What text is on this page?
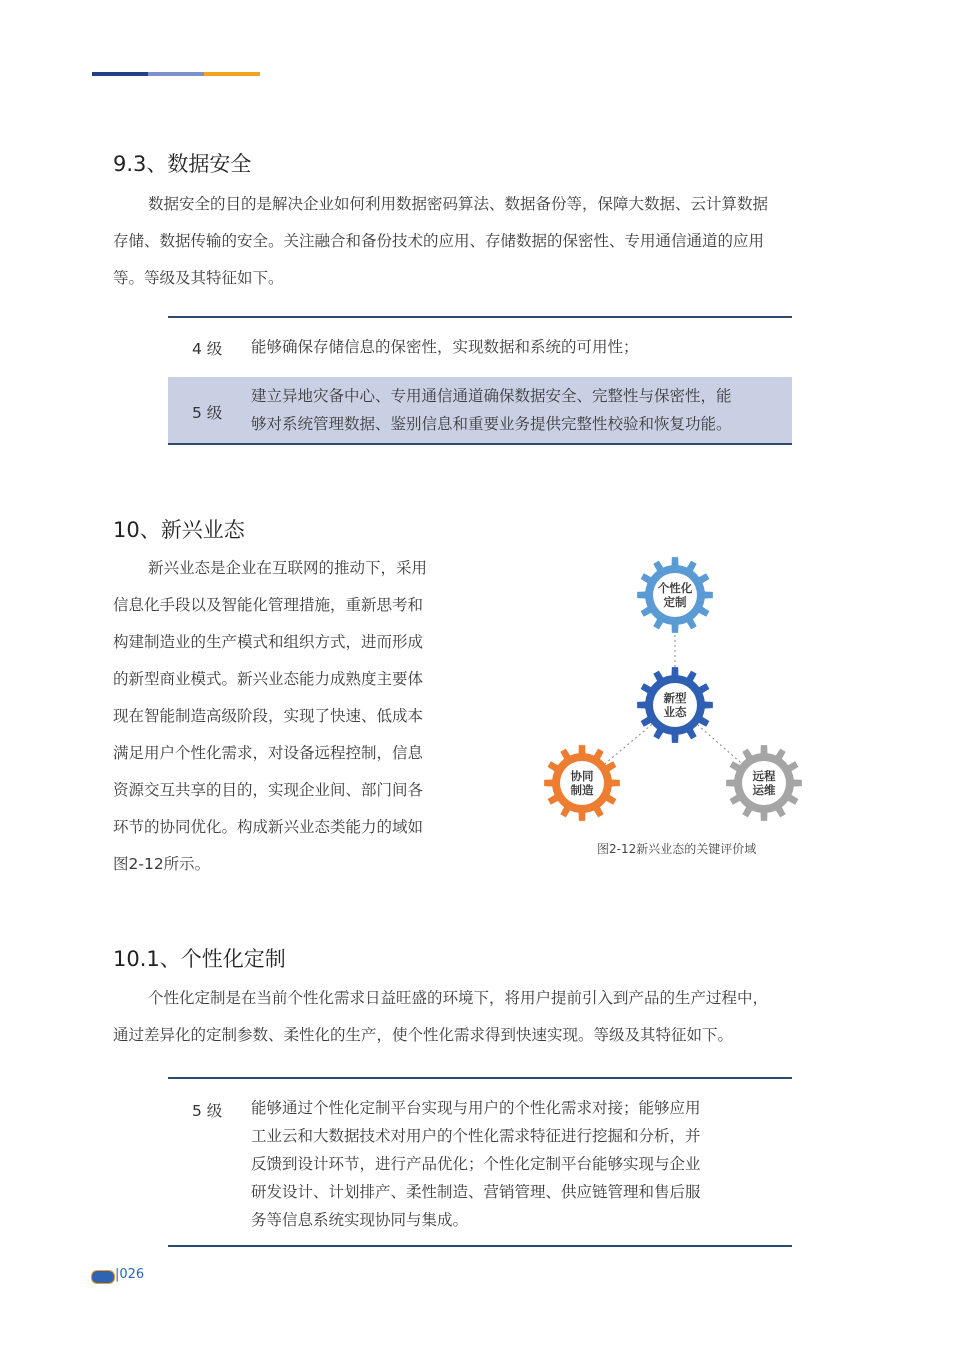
9.3、数据安全
数据安全的目的是解决企业如何利用数据密码算法、数据备份等，保障大数据、云计算数据
存储、数据传输的安全。关注融合和备份技术的应用、存储数据的保密性、专用通信通道的应用
等。等级及其特征如下。
4 级 能够确保存储信息的保密性，实现数据和系统的可用性；
5 级
建立异地灾备中心、专用通信通道确保数据安全、完整性与保密性，能
够对系统管理数据、鉴别信息和重要业务提供完整性校验和恢复功能。
10、新兴业态
新兴业态是企业在互联网的推动下，采用
信息化手段以及智能化管理措施，重新思考和
构建制造业的生产模式和组织方式，进而形成
的新型商业模式。新兴业态能力成熟度主要体
现在智能制造高级阶段，实现了快速、低成本
满足用户个性化需求，对设备远程控制，信息
资源交互共享的目的，实现企业间、部门间各
环节的协同优化。构成新兴业态类能力的域如
图2-12所示。
个性化
定制
新型
业态
协同
制造
远程
运维
图2-12新兴业态的关键评价域
10.1、个性化定制
个性化定制是在当前个性化需求日益旺盛的环境下，将用户提前引入到产品的生产过程中，
通过差异化的定制参数、柔性化的生产，使个性化需求得到快速实现。等级及其特征如下。
5 级 能够通过个性化定制平台实现与用户的个性化需求对接；能够应用
工业云和大数据技术对用户的个性化需求特征进行挖掘和分析，并
反馈到设计环节，进行产品优化；个性化定制平台能够实现与企业
研发设计、计划排产、柔性制造、营销管理、供应链管理和售后服
务等信息系统实现协同与集成。
|026
